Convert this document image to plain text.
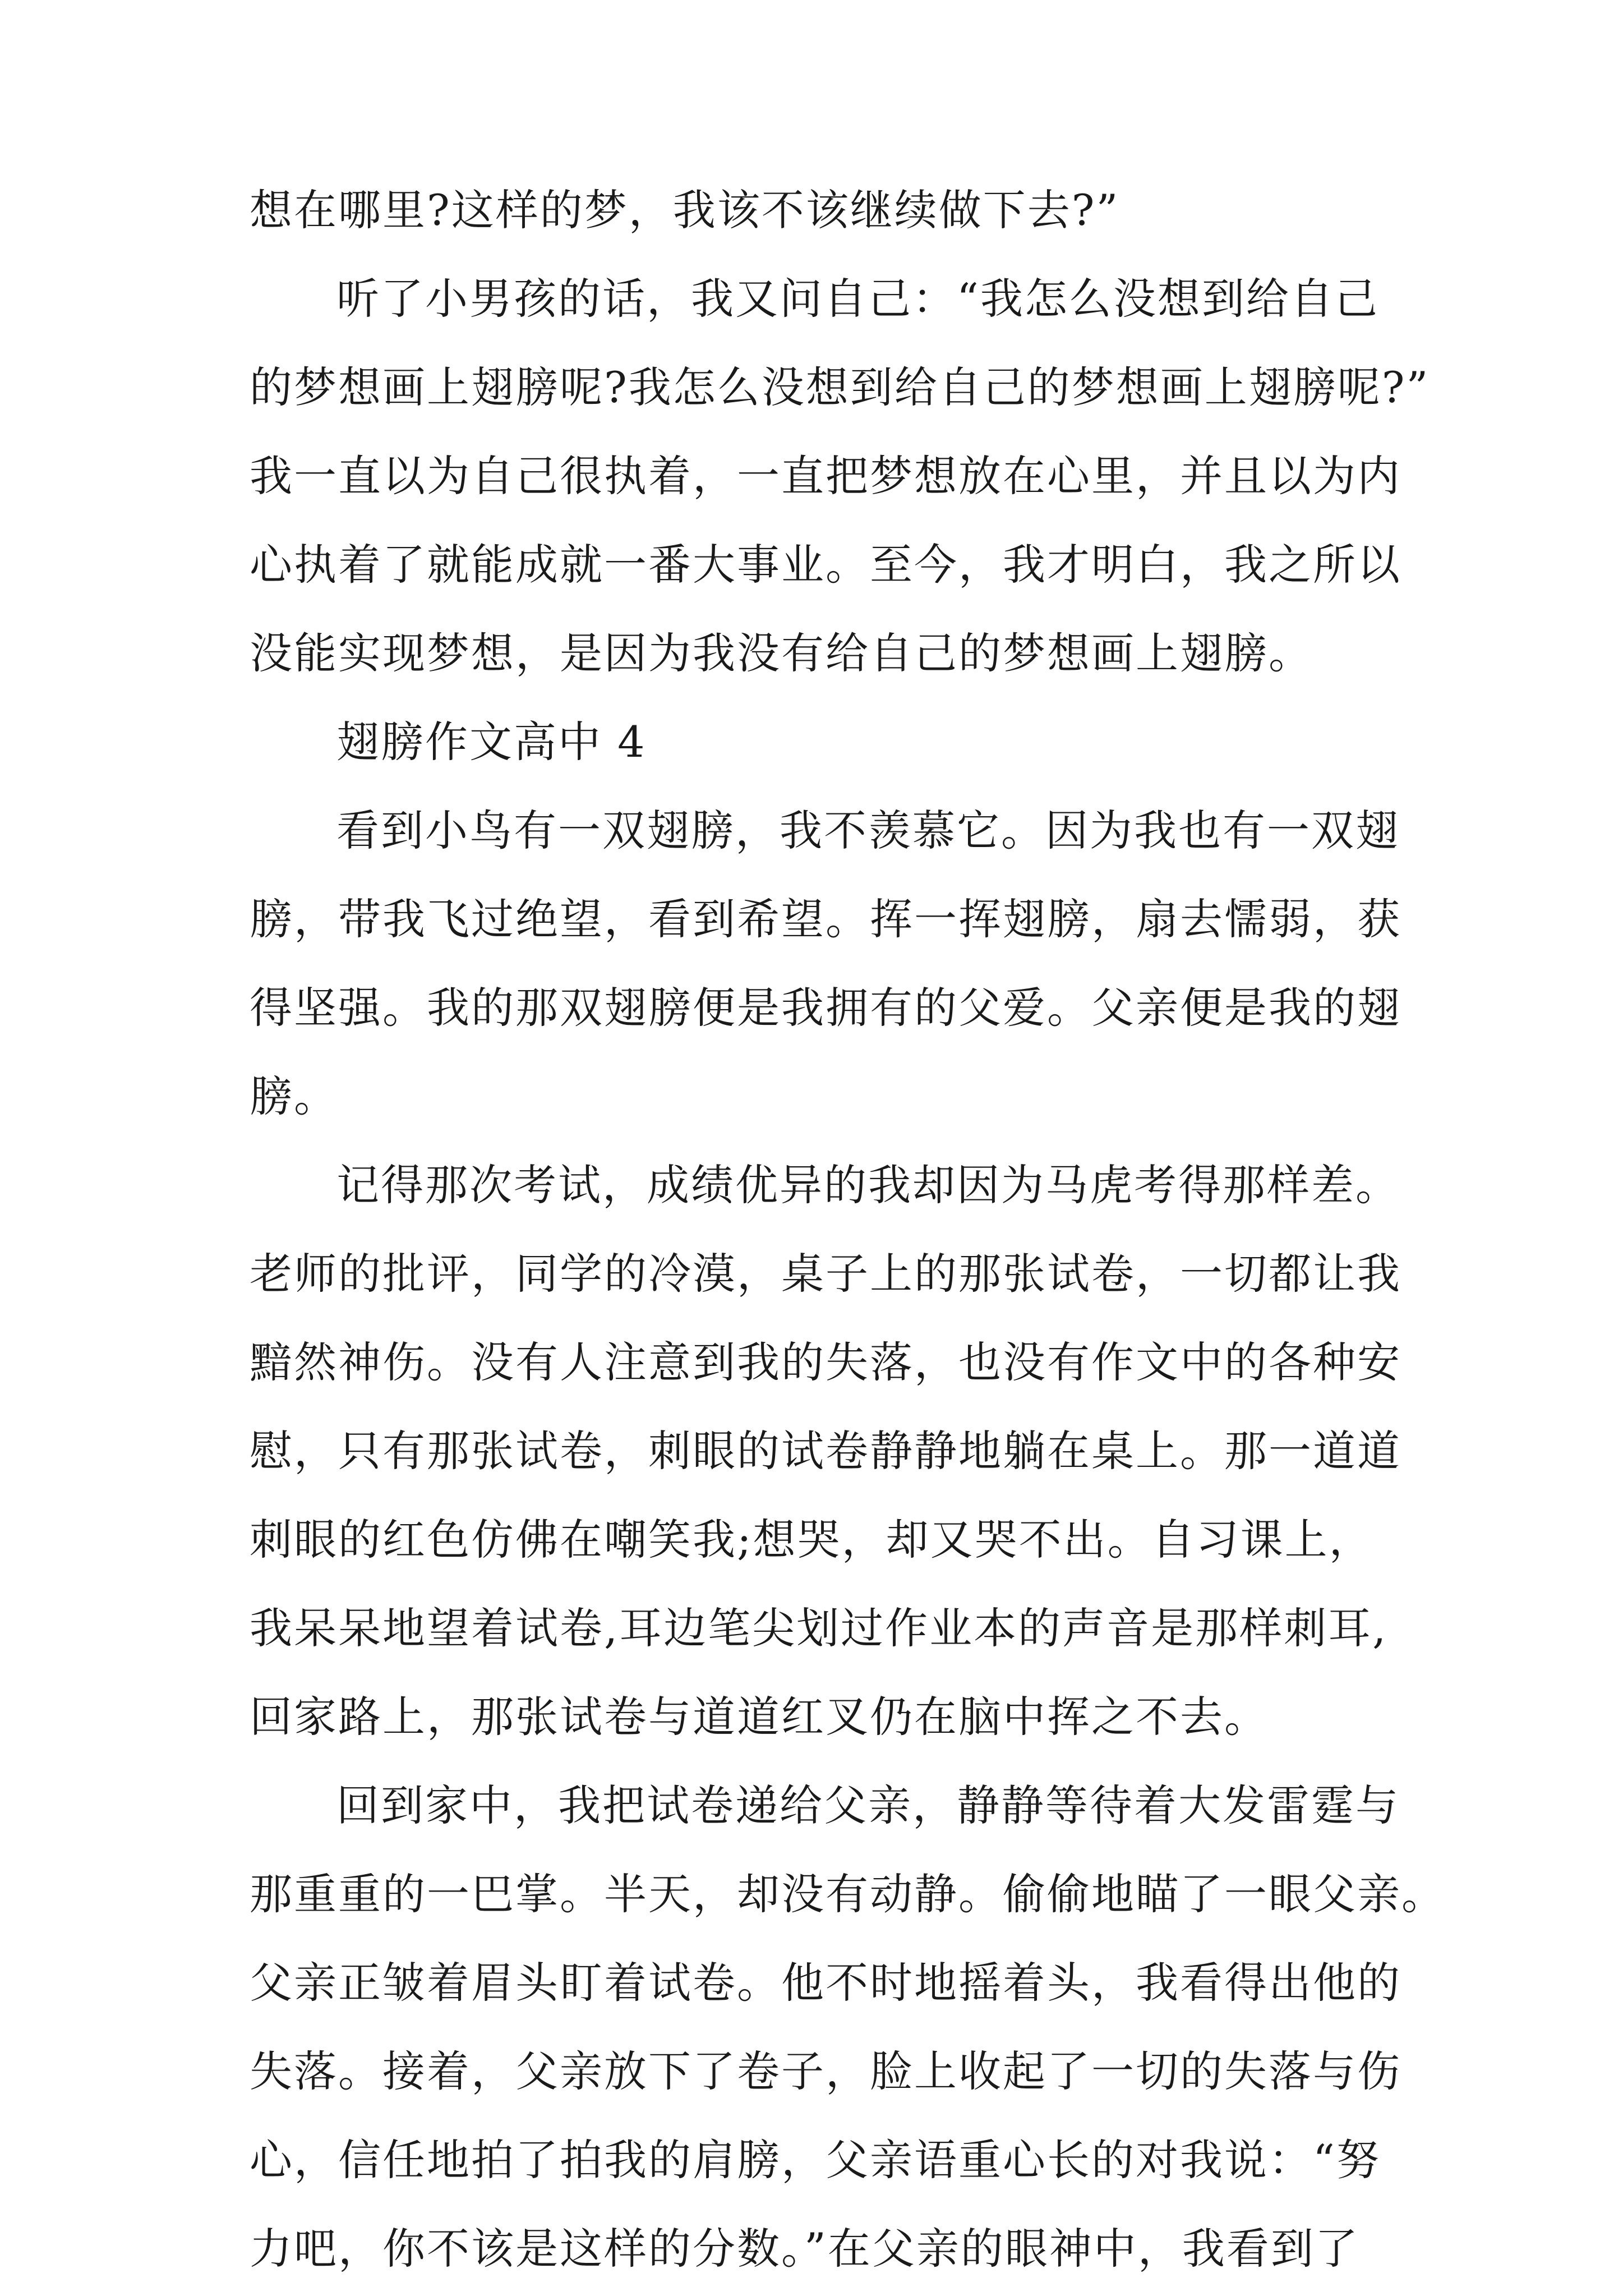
想在哪里?这样的梦，我该不该继续做下去?”
听了小男孩的话，我又问自己：“我怎么没想到给自己
的梦想画上翅膀呢?我怎么没想到给自己的梦想画上翅膀呢?”
我一直以为自己很执着，一直把梦想放在心里，并且以为内
心执着了就能成就一番大事业。至今，我才明白，我之所以
没能实现梦想，是因为我没有给自己的梦想画上翅膀。
翅膀作文高中 4
看到小鸟有一双翅膀，我不羡慕它。因为我也有一双翅
膀，带我飞过绝望，看到希望。挥一挥翅膀，扇去懦弱，获
得坚强。我的那双翅膀便是我拥有的父爱。父亲便是我的翅
膀。
记得那次考试，成绩优异的我却因为马虎考得那样差。
老师的批评，同学的冷漠，桌子上的那张试卷，一切都让我
黯然神伤。没有人注意到我的失落，也没有作文中的各种安
慰，只有那张试卷，刺眼的试卷静静地躺在桌上。那一道道
刺眼的红色仿佛在嘲笑我;想哭，却又哭不出。自习课上，
我呆呆地望着试卷,耳边笔尖划过作业本的声音是那样刺耳,
回家路上，那张试卷与道道红叉仍在脑中挥之不去。
回到家中，我把试卷递给父亲，静静等待着大发雷霆与
那重重的一巴掌。半天，却没有动静。偷偷地瞄了一眼父亲。
父亲正皱着眉头盯着试卷。他不时地摇着头，我看得出他的
失落。接着，父亲放下了卷子，脸上收起了一切的失落与伤
心，信任地拍了拍我的肩膀，父亲语重心长的对我说：“努
力吧，你不该是这样的分数。”在父亲的眼神中，我看到了
